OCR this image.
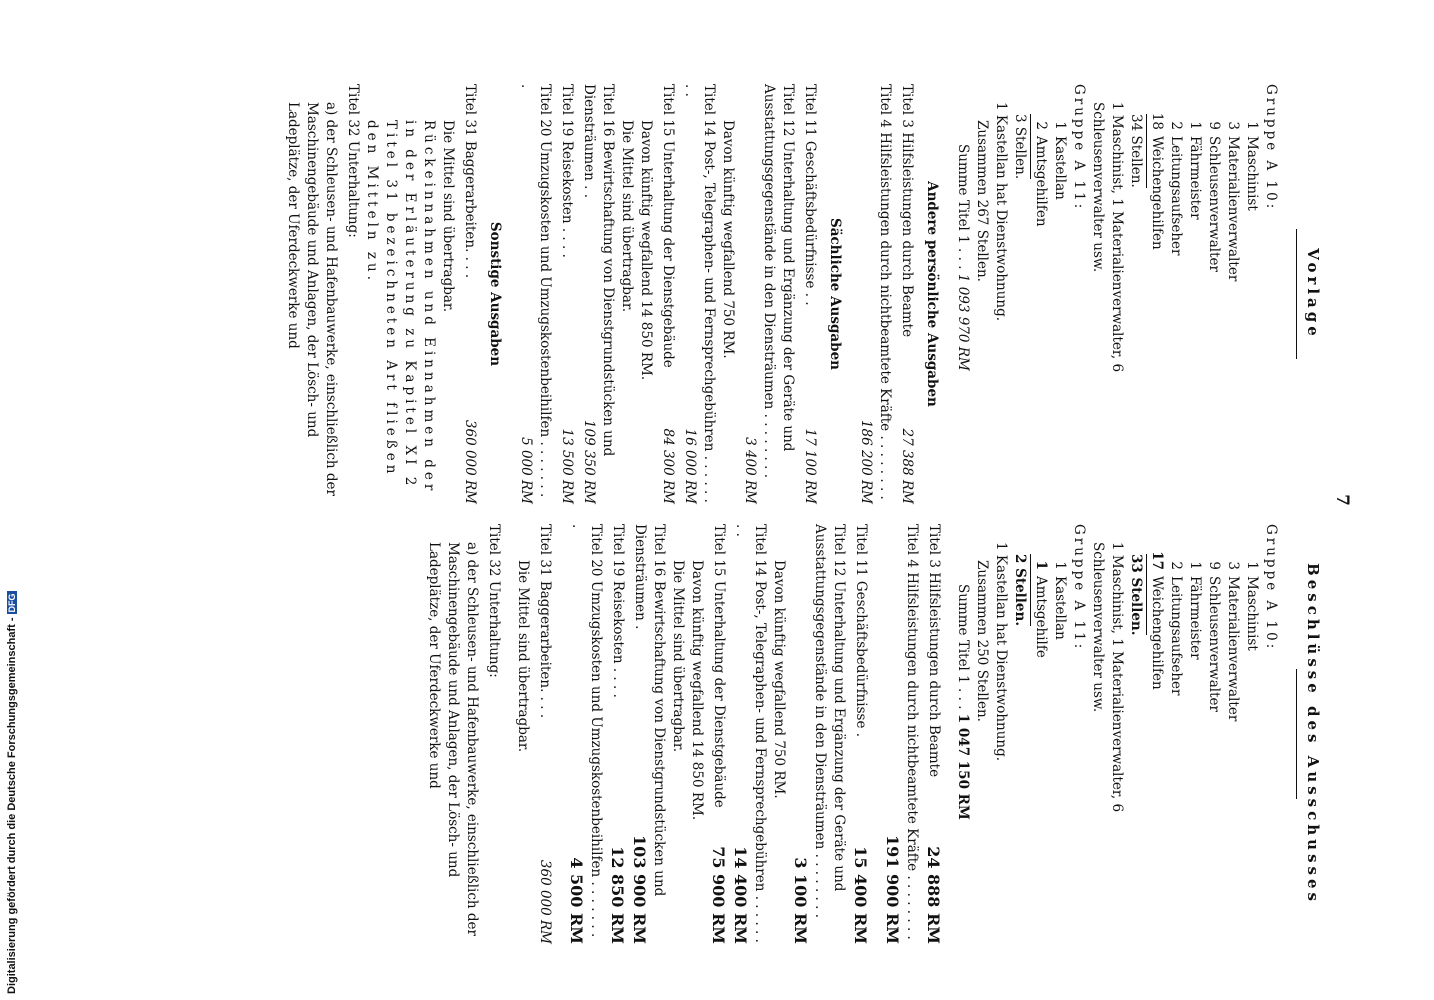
7
Vorlage
Gruppe A 10:
1Maschinist
3Materialienverwalter
9Schleusenverwalter
1Fährmeister
2Leitungsaufseher
18Weichengehilfen
34 Stellen.
1 Maschinist, 1 Materialienverwalter, 6 Schleusenverwalter usw.
Gruppe A 11:
1Kastellan
2Amtsgehilfen
3 Stellen.
1 Kastellan hat Dienstwohnung.
Zusammen 267 Stellen.
Summe Titel 1 . . . 1 093 970 RM
Andere persönliche Ausgaben
Titel 3 Hilfsleistungen durch Beamte
27 388 RM
Titel 4 Hilfsleistungen durch nichtbeamtete Kräfte . . . . . . . .
186 200 RM
Sächliche Ausgaben
Titel 11 Geschäftsbedürfnisse . .
17 100 RM
Titel 12 Unterhaltung und Ergänzung der Geräte und Ausstattungsgegenstände in den Diensträumen . . . . . . . .
3 400 RM
Davon künftig wegfallend 750 RM.
Titel 14 Post-, Telegraphen- und Fernsprechgebühren . . . . . . . .
16 000 RM
Titel 15 Unterhaltung der Dienstgebäude
84 300 RM
Davon künftig wegfallend 14 850 RM.
Die Mittel sind übertragbar.
Titel 16 Bewirtschaftung von Dienstgrundstücken und Diensträumen . .
109 350 RM
Titel 19 Reisekosten . . . .
13 500 RM
Titel 20 Umzugskosten und Umzugskostenbeihilfen . . . . . . . .
5 000 RM
Sonstige Ausgaben
Titel 31 Baggerarbeiten. . . .
360 000 RM
Die Mittel sind übertragbar.
Rückeinnahmen und Einnahmen der in der Erläuterung zu Kapitel XI 2 Titel 31 bezeichneten Art fließen den Mitteln zu.
Titel 32 Unterhaltung:
a) der Schleusen- und Hafenbauwerke, einschließlich der Maschinengebäude und Anlagen, der Lösch- und Ladeplätze, der Uferdeckwerke und
Beschlüsse des Ausschusses
Gruppe A 10:
1Maschinist
3Materialienverwalter
9Schleusenverwalter
1Fährmeister
2Leitungsaufseher
17Weichengehilfen
33 Stellen.
1 Maschinist, 1 Materialienverwalter, 6 Schleusenverwalter usw.
Gruppe A 11:
1Kastellan
1Amtsgehilfe
2 Stellen.
1 Kastellan hat Dienstwohnung.
Zusammen 250 Stellen.
Summe Titel 1 . . . 1 047 150 RM
Titel 3 Hilfsleistungen durch Beamte
24 888 RM
Titel 4 Hilfsleistungen durch nichtbeamtete Kräfte . . . . . . . .
191 900 RM
Titel 11 Geschäftsbedürfnisse .
15 400 RM
Titel 12 Unterhaltung und Ergänzung der Geräte und Ausstattungsgegenstände in den Diensträumen . . . . . . . .
3 100 RM
Davon künftig wegfallend 750 RM.
Titel 14 Post-, Telegraphen- und Fernsprechgebühren . . . . . . . .
14 400 RM
Titel 15 Unterhaltung der Dienstgebäude
75 900 RM
Davon künftig wegfallend 14 850 RM.
Die Mittel sind übertragbar.
Titel 16 Bewirtschaftung von Dienstgrundstücken und Diensträumen .
103 900 RM
Titel 19 Reisekosten . . . .
12 850 RM
Titel 20 Umzugskosten und Umzugskostenbeihilfen . . . . . . . .
4 500 RM
Titel 31 Baggerarbeiten. . . .
360 000 RM
Die Mittel sind übertragbar.
Titel 32 Unterhaltung:
a) der Schleusen- und Hafenbauwerke, einschließlich der Maschinengebäude und Anlagen, der Lösch- und Ladeplätze, der Uferdeckwerke und
Digitalisierung gefördert durch die Deutsche Forschungsgemeinschaft -DFG
